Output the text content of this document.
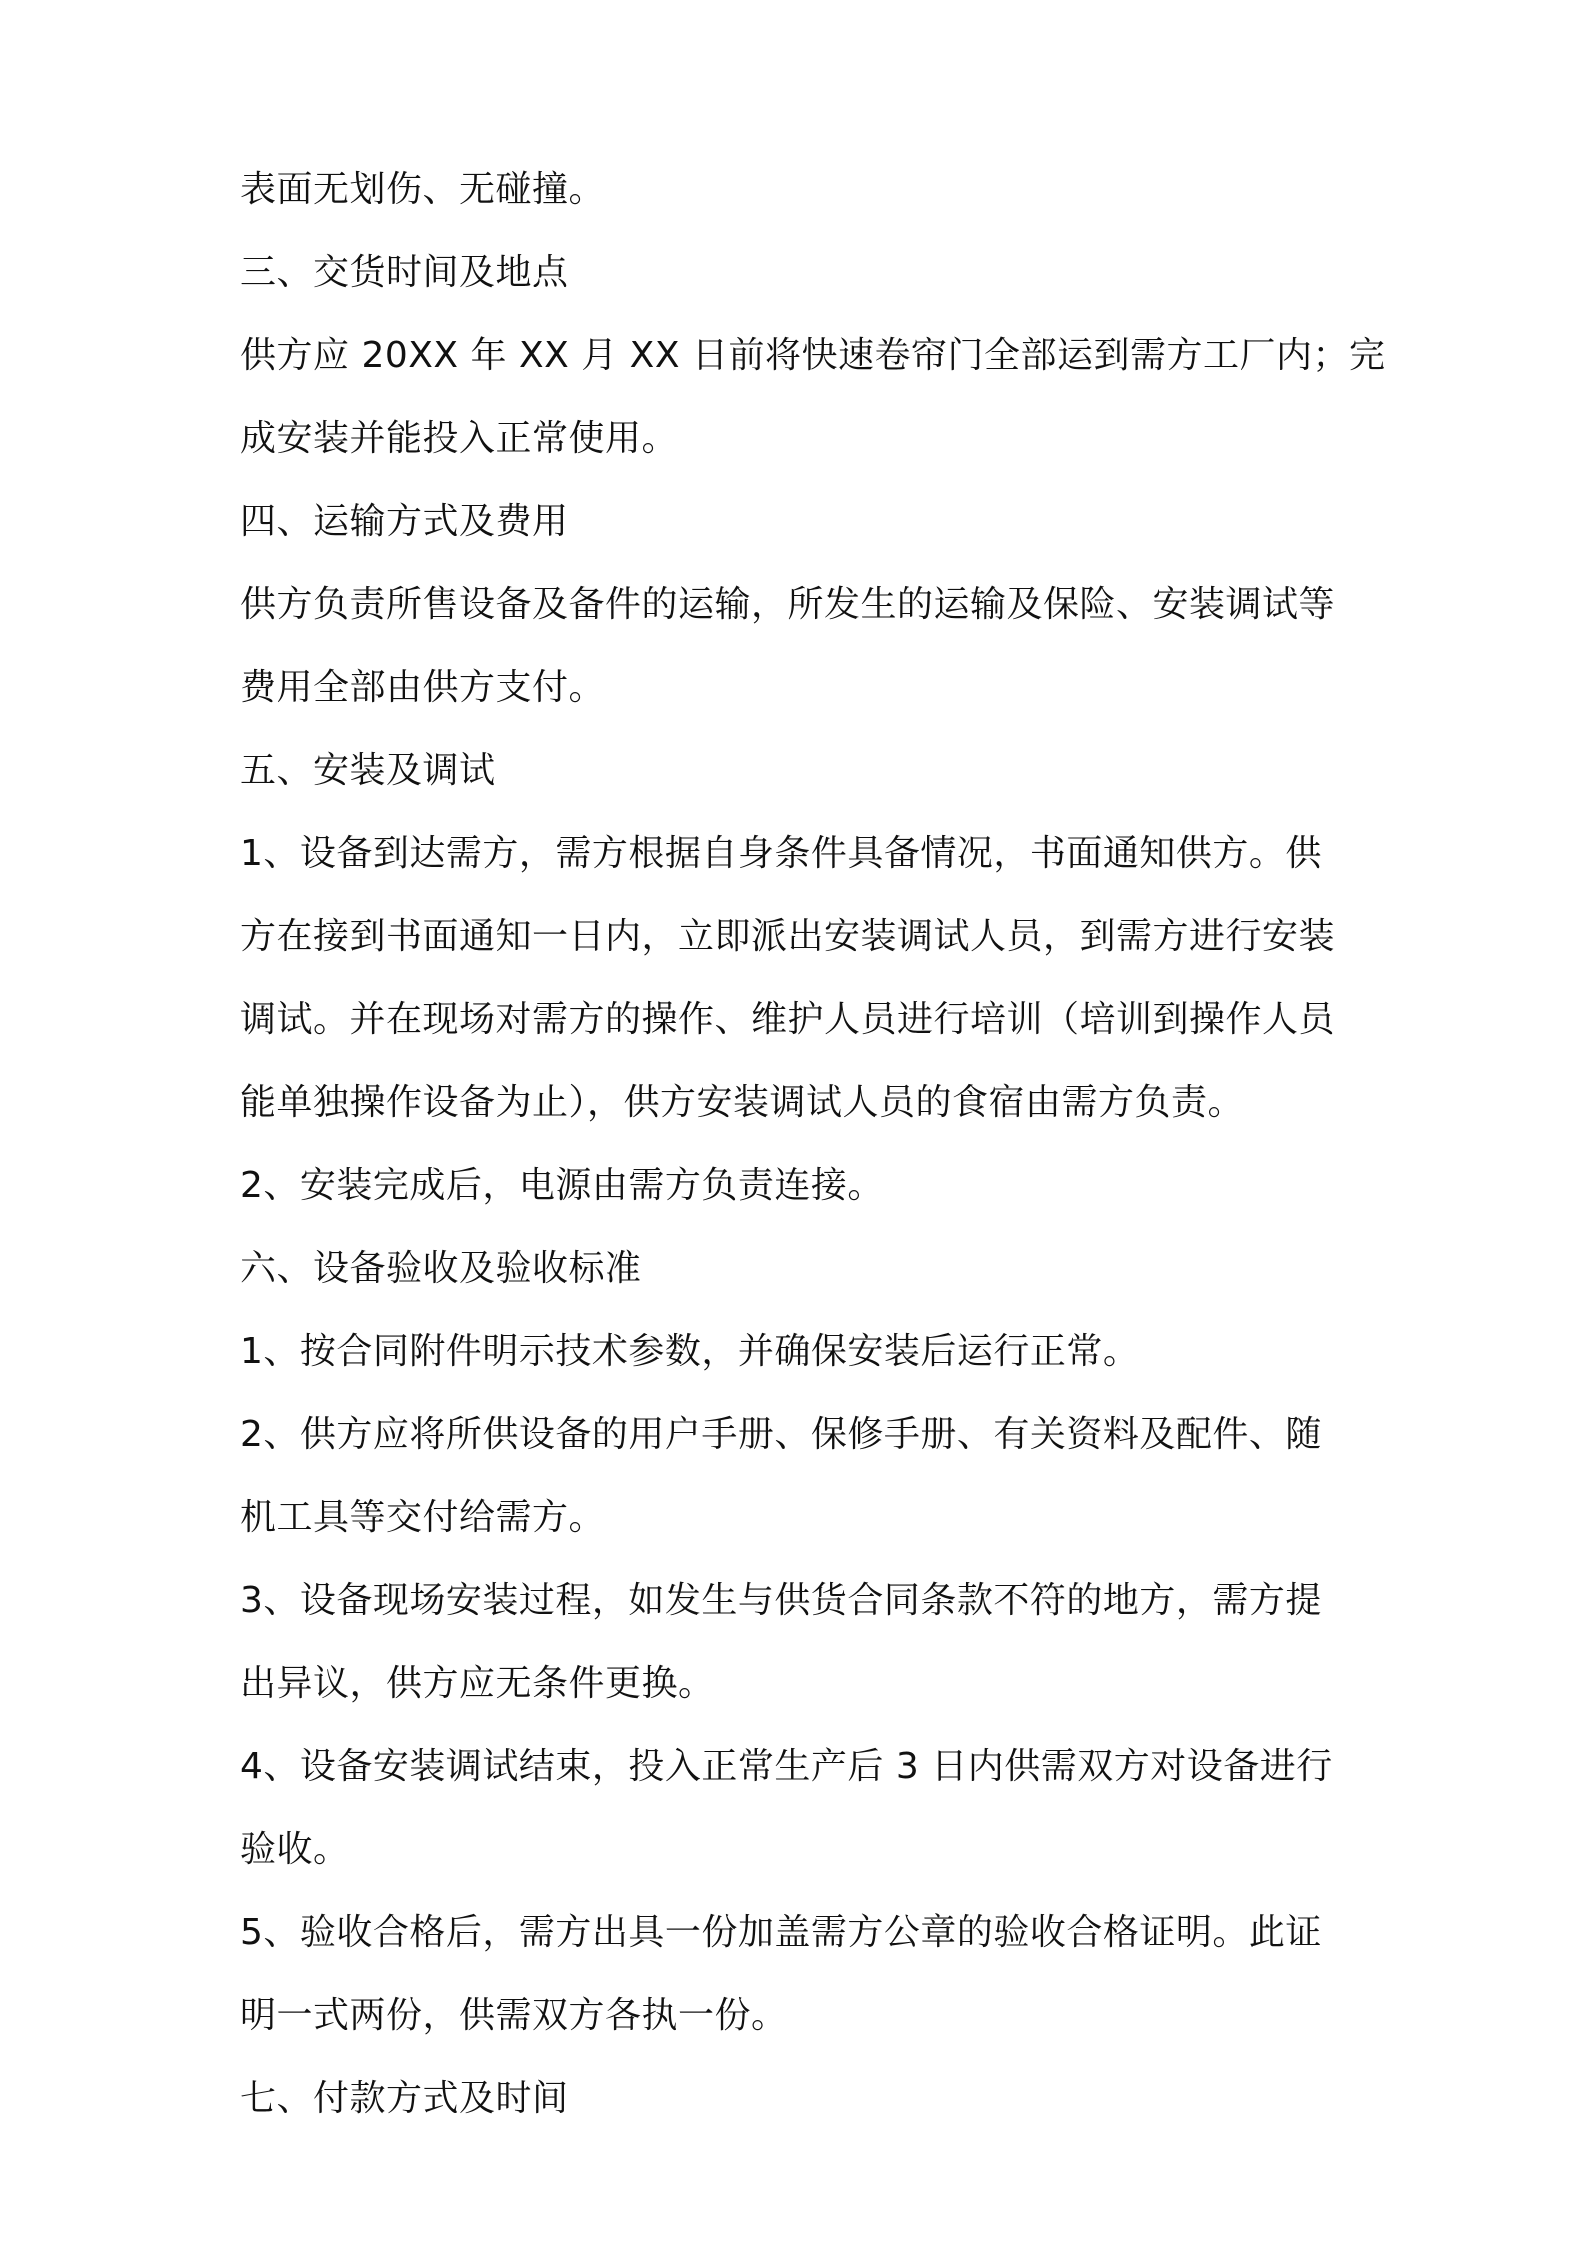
表面无划伤、无碰撞。

三、交货时间及地点

供方应 20XX 年 XX 月 XX 日前将快速卷帘门全部运到需方工厂内；完

成安装并能投入正常使用。

四、运输方式及费用

供方负责所售设备及备件的运输，所发生的运输及保险、安装调试等

费用全部由供方支付。

五、安装及调试

1、设备到达需方，需方根据自身条件具备情况，书面通知供方。供

方在接到书面通知一日内，立即派出安装调试人员，到需方进行安装

调试。并在现场对需方的操作、维护人员进行培训（培训到操作人员

能单独操作设备为止），供方安装调试人员的食宿由需方负责。

2、安装完成后，电源由需方负责连接。

六、设备验收及验收标准

1、按合同附件明示技术参数，并确保安装后运行正常。

2、供方应将所供设备的用户手册、保修手册、有关资料及配件、随

机工具等交付给需方。

3、设备现场安装过程，如发生与供货合同条款不符的地方，需方提

出异议，供方应无条件更换。

4、设备安装调试结束，投入正常生产后 3 日内供需双方对设备进行

验收。

5、验收合格后，需方出具一份加盖需方公章的验收合格证明。此证

明一式两份，供需双方各执一份。

七、付款方式及时间
